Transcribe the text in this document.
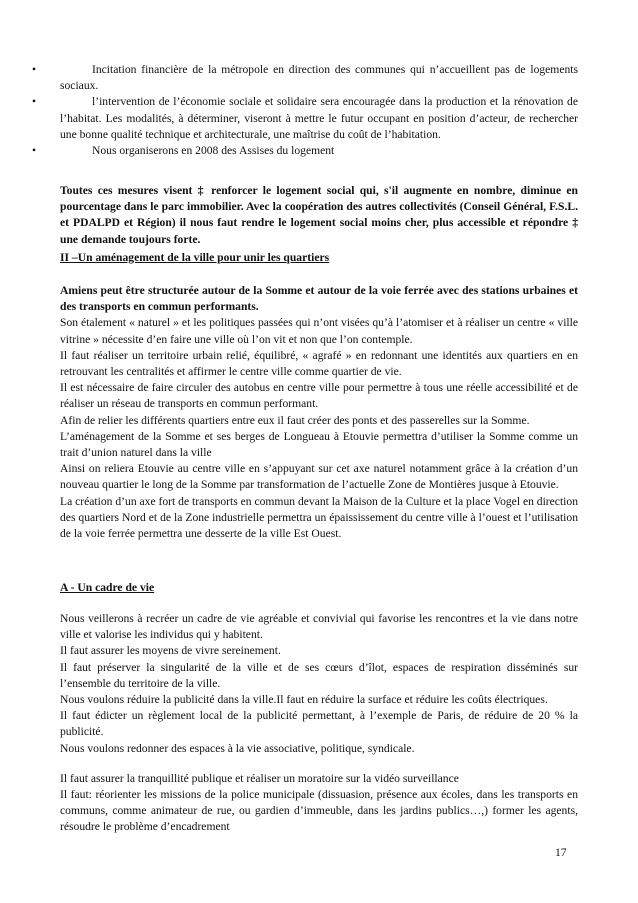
•	Incitation financière de la métropole en direction des communes qui n’accueillent pas de logements sociaux.

•	l’intervention de l’économie sociale et solidaire sera encouragée dans la production et la rénovation de l’habitat. Les modalités, à déterminer, viseront à mettre le futur occupant en position d’acteur, de rechercher une bonne qualité technique et architecturale, une maîtrise du coût de l’habitation.

•	Nous organiserons en 2008 des Assises du logement

Toutes ces mesures visent ‡ renforcer le logement social qui, s'il augmente en nombre, diminue en pourcentage dans le parc immobilier. Avec la coopération des autres collectivités (Conseil Général, F.S.L. et PDALPD et Région) il nous faut rendre le logement social moins cher, plus accessible et répondre ‡ une demande toujours forte.
II –Un aménagement de la ville pour unir les quartiers

Amiens peut être structurée autour de la Somme et autour de la voie ferrée avec des stations urbaines et des transports en commun performants.

Son étalement « naturel » et les politiques passées qui n’ont visées qu’à l’atomiser et à réaliser un centre « ville vitrine » nécessite d’en faire une ville où l’on vit et non que l’on contemple.

Il faut réaliser un territoire urbain relié, équilibré, « agrafé » en redonnant une identités aux quartiers en en retrouvant les centralités et affirmer le centre ville comme quartier de vie.

Il est nécessaire de faire circuler des autobus en centre ville pour permettre à tous une réelle accessibilité et de réaliser un réseau de transports en commun performant.

Afin de relier les différents quartiers entre eux il faut créer des ponts et des passerelles sur la Somme.

L’aménagement de la Somme et ses berges de Longueau à Etouvie permettra d’utiliser la Somme comme un trait d’union naturel dans la ville

Ainsi on reliera Etouvie au centre ville en s’appuyant sur cet axe naturel notamment grâce à la création d’un nouveau quartier le long de la Somme par transformation de l’actuelle Zone de Montières jusque à Etouvie.

La création d’un axe fort de transports en commun devant la Maison de la Culture et la place Vogel en direction des quartiers Nord et de la Zone industrielle permettra un épaississement du centre ville à l’ouest et l’utilisation de la voie ferrée permettra une desserte de la ville Est Ouest.

A - Un cadre de vie

Nous veillerons à recréer un cadre de vie agréable et convivial qui favorise les rencontres et la vie dans notre ville et valorise les individus qui y habitent.

Il faut assurer les moyens de vivre sereinement.

Il faut préserver la singularité de la ville et de ses cœurs d’îlot, espaces de respiration disséminés sur l’ensemble du territoire de la ville.

Nous voulons réduire la publicité dans la ville.Il faut en réduire la surface et réduire les coûts électriques.

Il faut édicter un règlement local de la publicité permettant, à l’exemple de Paris, de réduire de 20 % la publicité.

Nous voulons redonner des espaces à la vie associative, politique, syndicale.

Il faut assurer la tranquillité publique et réaliser un moratoire sur la vidéo surveillance

Il faut: réorienter les missions de la police municipale (dissuasion, présence aux écoles, dans les transports en communs, comme animateur de rue, ou gardien d’immeuble, dans les jardins publics…,) former les agents, résoudre le problème d’encadrement

17
